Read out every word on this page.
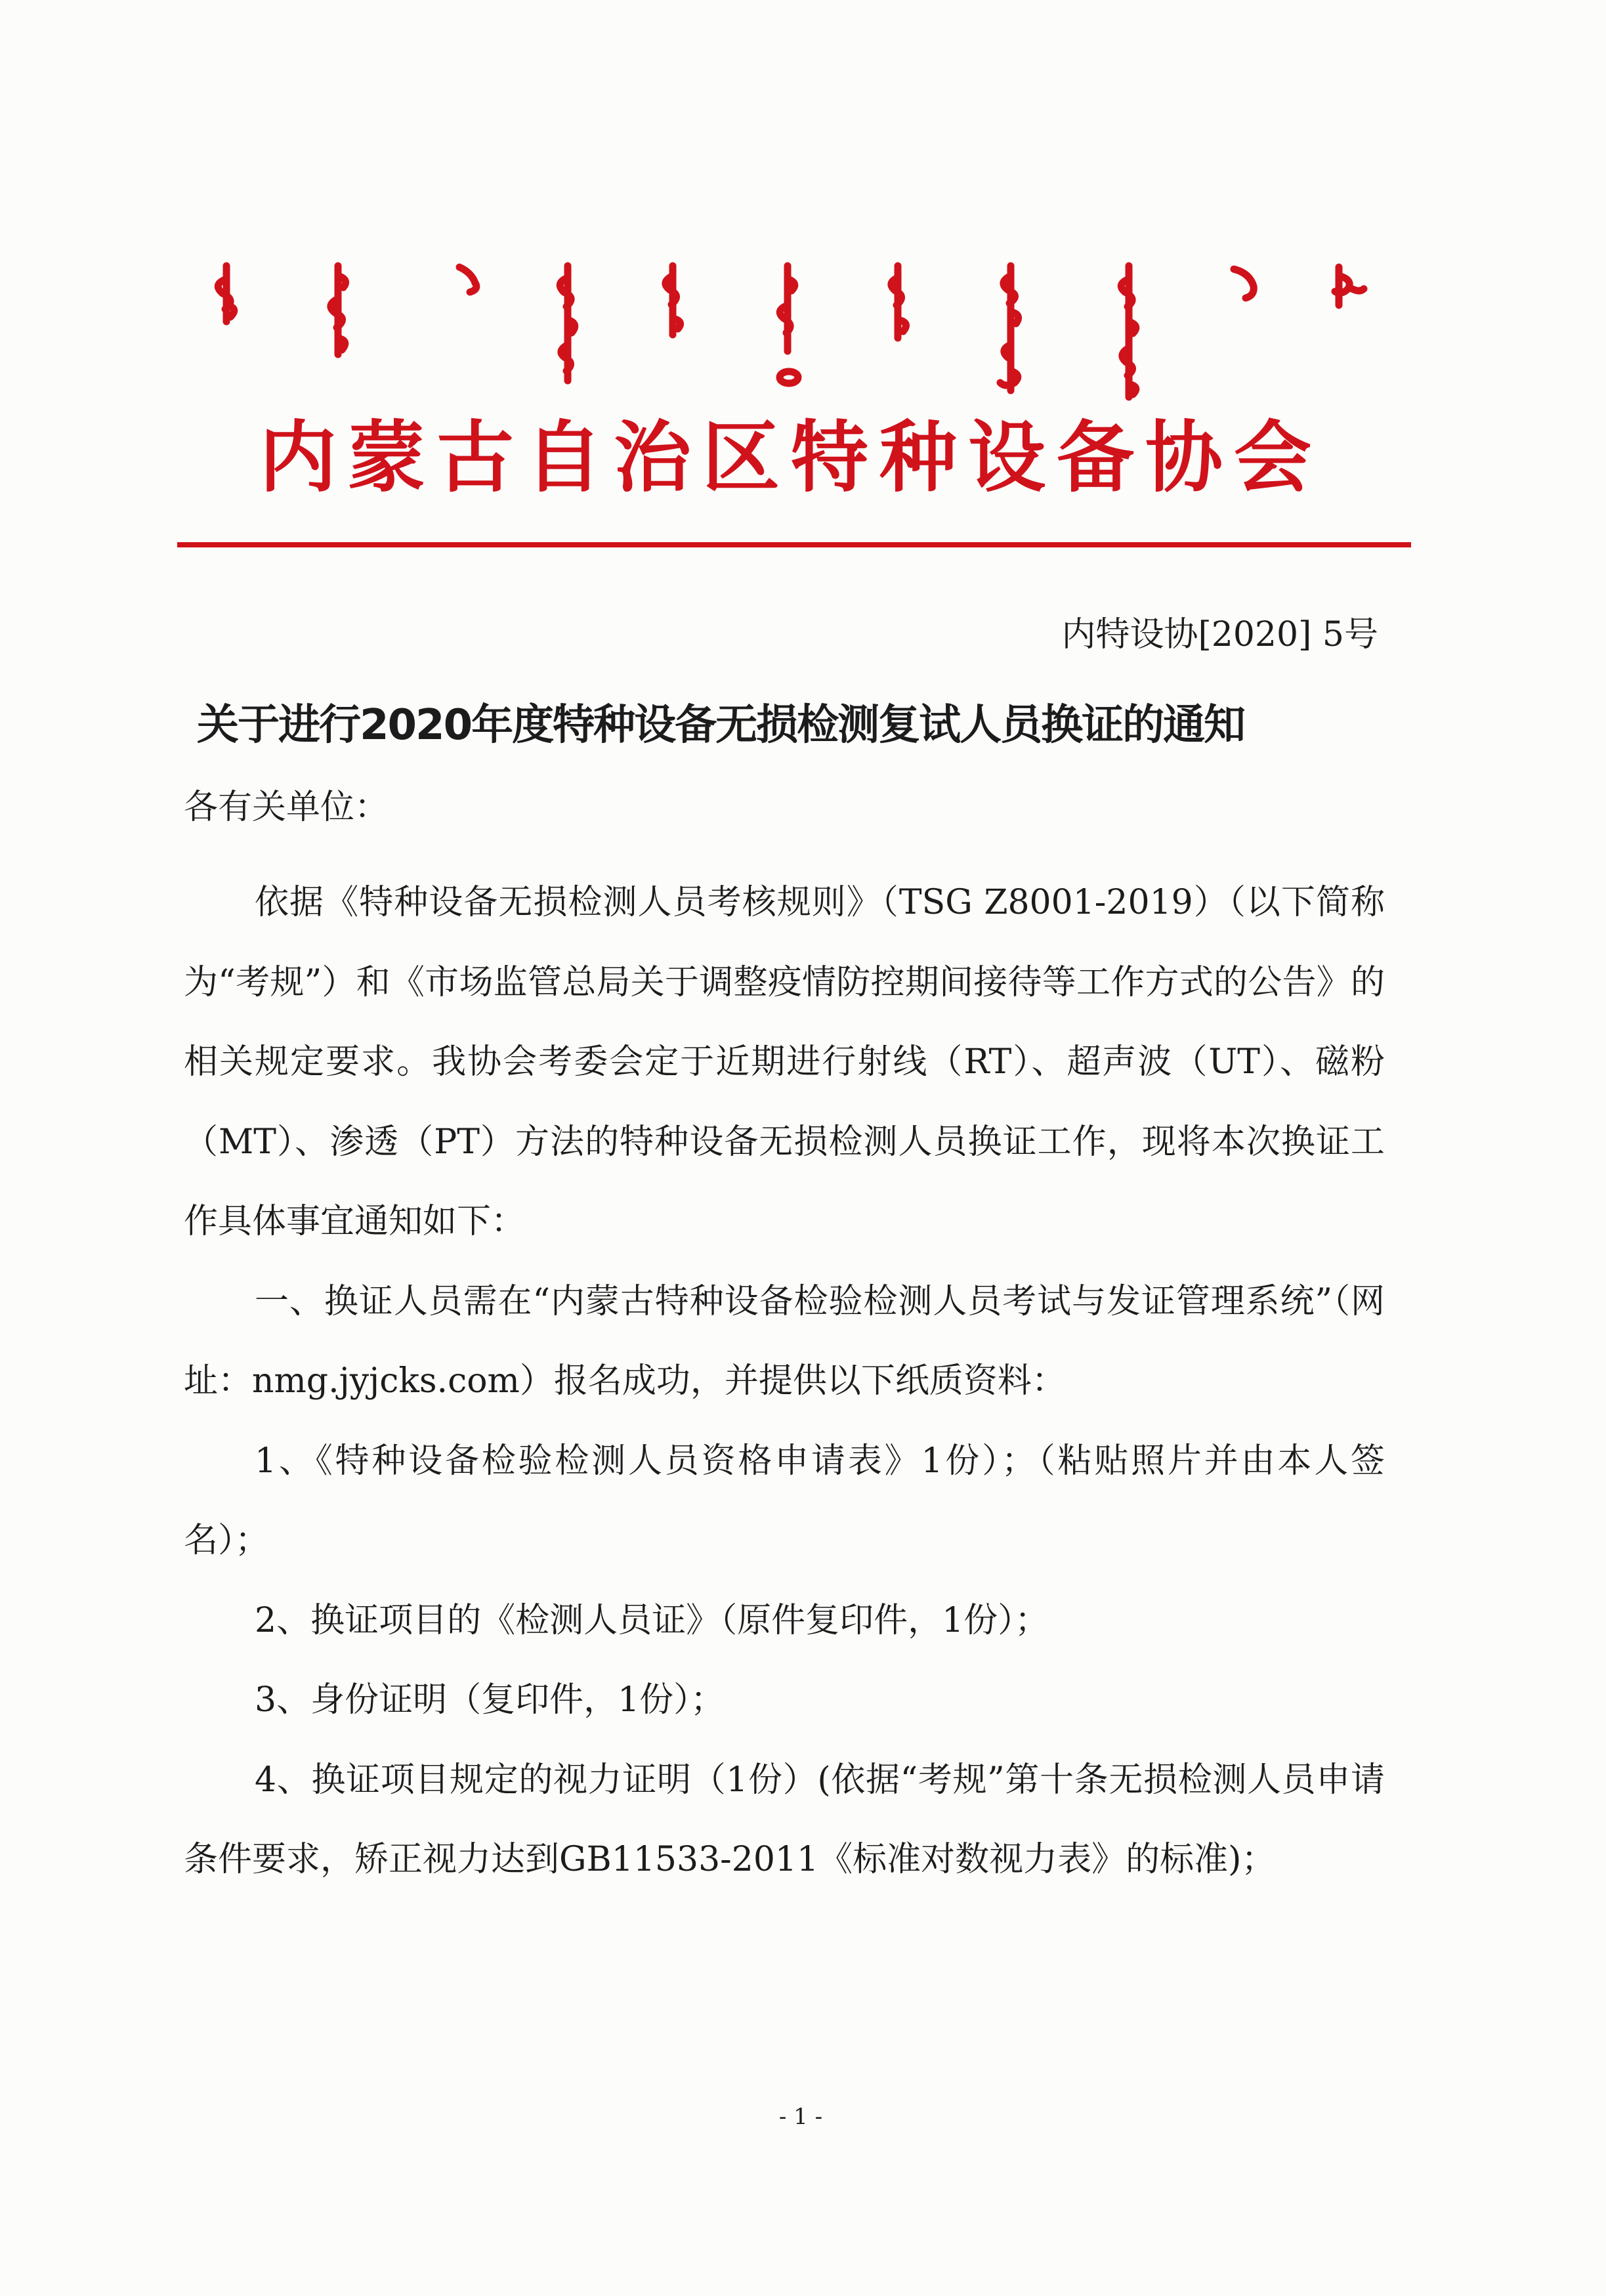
内蒙古自治区特种设备协会
内特设协[2020] 5号
关于进行2020年度特种设备无损检测复试人员换证的通知
各有关单位：

依据《特种设备无损检测人员考核规则》（TSG Z8001-2019）（以下简称为“考规”）和《市场监管总局关于调整疫情防控期间接待等工作方式的公告》的相关规定要求。我协会考委会定于近期进行射线（RT）、超声波（UT）、磁粉（MT）、渗透（PT）方法的特种设备无损检测人员换证工作，现将本次换证工作具体事宜通知如下：

一、换证人员需在“内蒙古特种设备检验检测人员考试与发证管理系统”（网址：nmg.jyjcks.com）报名成功，并提供以下纸质资料：

1、《特种设备检验检测人员资格申请表》1份）；（粘贴照片并由本人签名）；

2、换证项目的《检测人员证》（原件复印件，1份）；

3、身份证明（复印件，1份）；

4、换证项目规定的视力证明（1份）(依据“考规”第十条无损检测人员申请条件要求，矫正视力达到GB11533-2011《标准对数视力表》的标准)；

- 1 -
